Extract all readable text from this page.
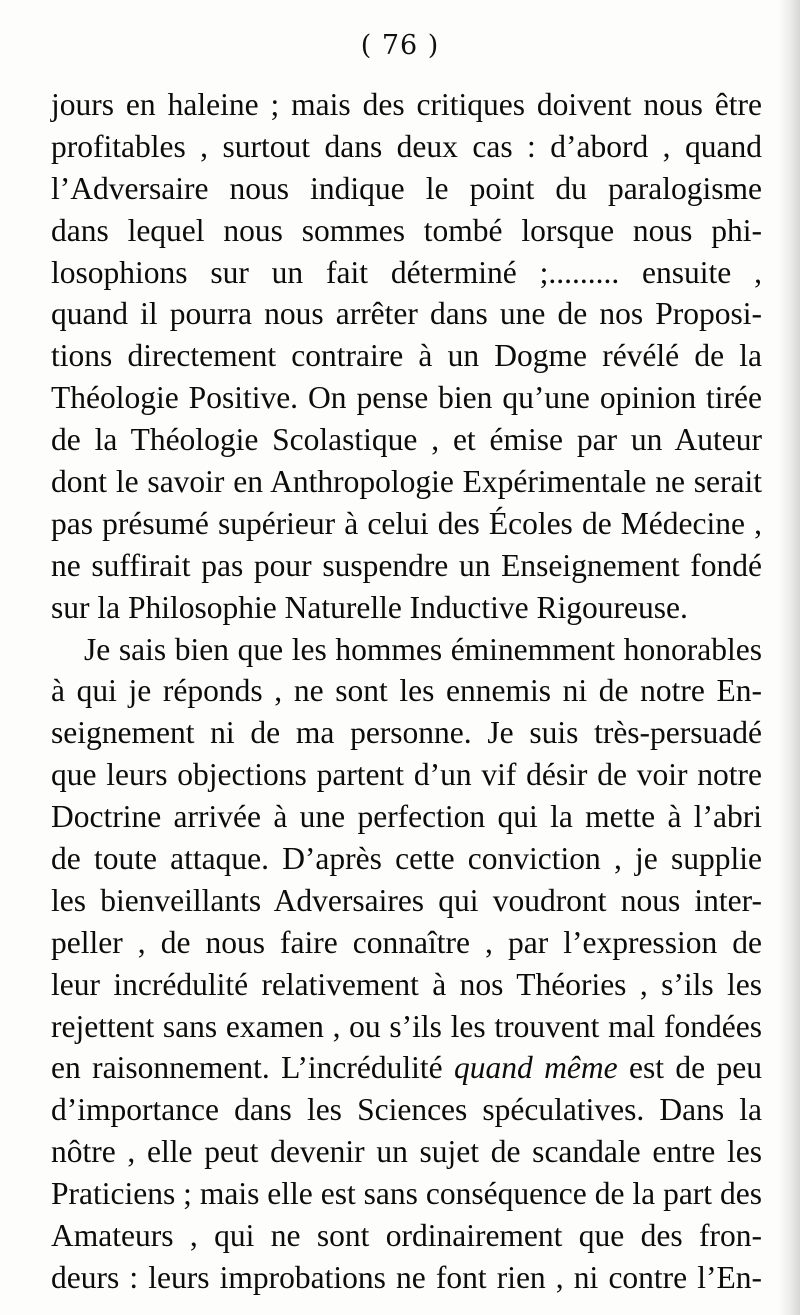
( 76 )
jours en haleine ; mais des critiques doivent nous être
profitables , surtout dans deux cas : d’abord , quand
l’Adversaire nous indique le point du paralogisme
dans lequel nous sommes tombé lorsque nous phi-
losophions sur un fait déterminé ;......... ensuite ,
quand il pourra nous arrêter dans une de nos Proposi-
tions directement contraire à un Dogme révélé de la
Théologie Positive. On pense bien qu’une opinion tirée
de la Théologie Scolastique , et émise par un Auteur
dont le savoir en Anthropologie Expérimentale ne serait
pas présumé supérieur à celui des Écoles de Médecine ,
ne suffirait pas pour suspendre un Enseignement fondé
sur la Philosophie Naturelle Inductive Rigoureuse.
Je sais bien que les hommes éminemment honorables
à qui je réponds , ne sont les ennemis ni de notre En-
seignement ni de ma personne. Je suis très-persuadé
que leurs objections partent d’un vif désir de voir notre
Doctrine arrivée à une perfection qui la mette à l’abri
de toute attaque. D’après cette conviction , je supplie
les bienveillants Adversaires qui voudront nous inter-
peller , de nous faire connaître , par l’expression de
leur incrédulité relativement à nos Théories , s’ils les
rejettent sans examen , ou s’ils les trouvent mal fondées
en raisonnement. L’incrédulité quand même est de peu
d’importance dans les Sciences spéculatives. Dans la
nôtre , elle peut devenir un sujet de scandale entre les
Praticiens ; mais elle est sans conséquence de la part des
Amateurs , qui ne sont ordinairement que des fron-
deurs : leurs improbations ne font rien , ni contre l’En-
